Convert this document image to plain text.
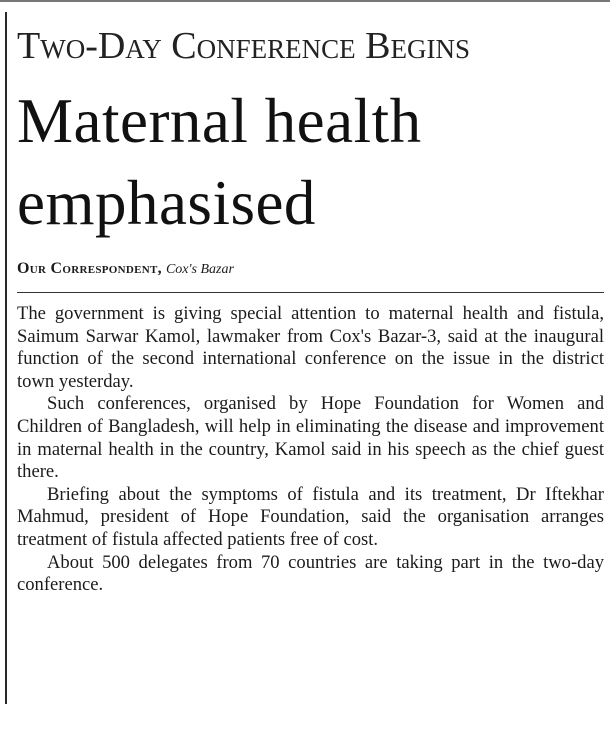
Two-Day Conference Begins
Maternal health
emphasised
Our Correspondent, Cox's Bazar

The government is giving special attention to maternal health and fistula, Saimum Sarwar Kamol, lawmaker from Cox's Bazar-3, said at the inaugural function of the second international conference on the issue in the district town yesterday.

Such conferences, organised by Hope Foundation for Women and Children of Bangladesh, will help in eliminating the disease and improvement in maternal health in the country, Kamol said in his speech as the chief guest there.

Briefing about the symptoms of fistula and its treatment, Dr Iftekhar Mahmud, president of Hope Foundation, said the organisation arranges treatment of fistula affected patients free of cost.

About 500 delegates from 70 countries are taking part in the two-day conference.
